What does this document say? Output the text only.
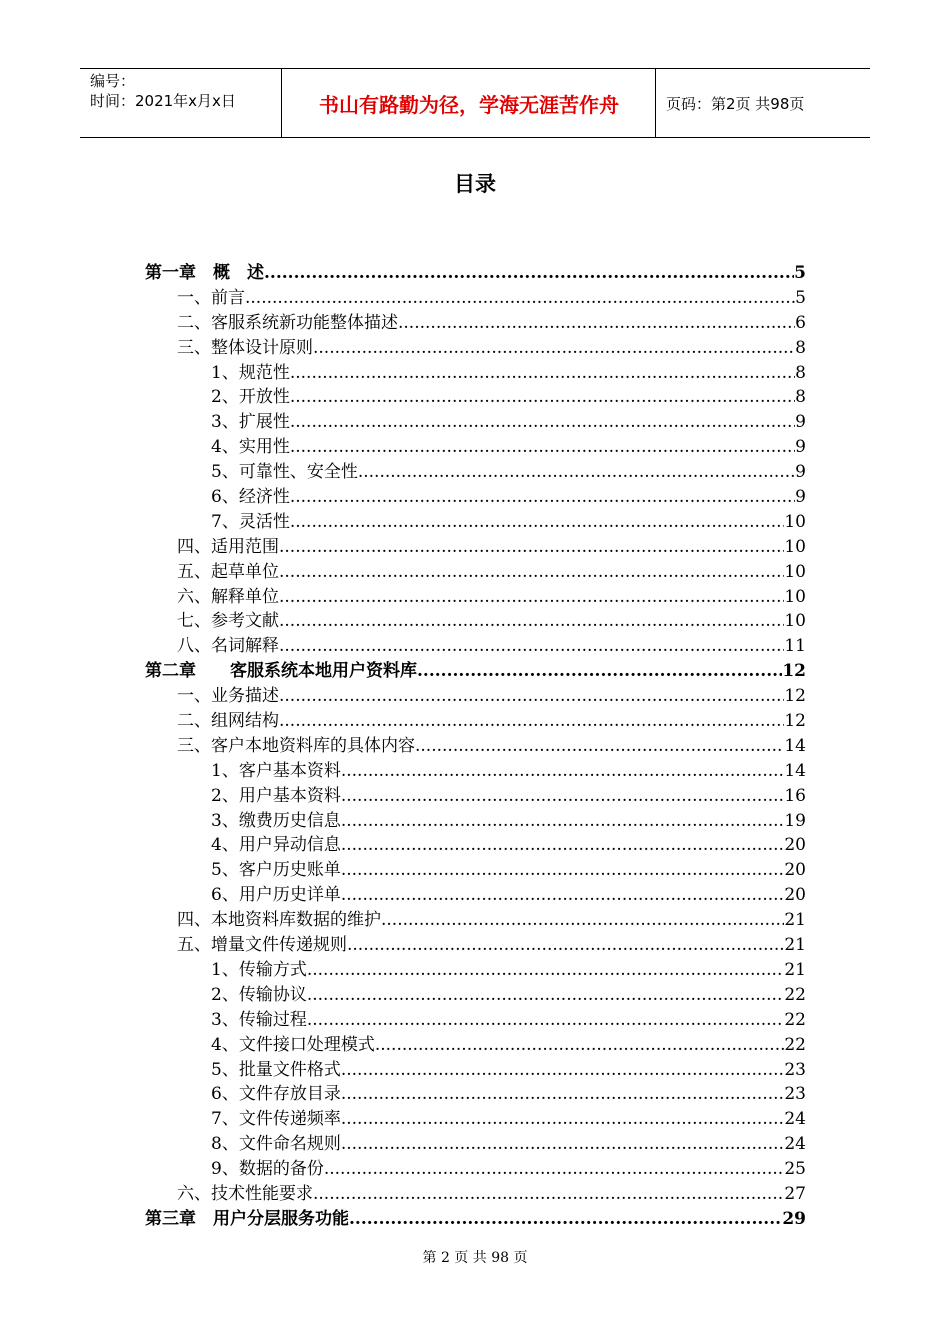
编号：
时间：2021年x月x日	书山有路勤为径，学海无涯苦作舟	页码：第2页 共98页
目录
第一章　概　述 .....	5
一、前言 .....	5
二、客服系统新功能整体描述 .....	6
三、整体设计原则 .....	8
1、规范性 .....	8
2、开放性 .....	8
3、扩展性 .....	9
4、实用性 .....	9
5、可靠性、安全性 .....	9
6、经济性 .....	9
7、灵活性 .....	10
四、适用范围 .....	10
五、起草单位 .....	10
六、解释单位 .....	10
七、参考文献 .....	10
八、名词解释 .....	11
第二章　　客服系统本地用户资料库 .....	12
一、业务描述 .....	12
二、组网结构 .....	12
三、客户本地资料库的具体内容 .....	14
1、客户基本资料 .....	14
2、用户基本资料 .....	16
3、缴费历史信息 .....	19
4、用户异动信息 .....	20
5、客户历史账单 .....	20
6、用户历史详单 .....	20
四、本地资料库数据的维护 .....	21
五、增量文件传递规则 .....	21
1、传输方式 .....	21
2、传输协议 .....	22
3、传输过程 .....	22
4、文件接口处理模式 .....	22
5、批量文件格式 .....	23
6、文件存放目录 .....	23
7、文件传递频率 .....	24
8、文件命名规则 .....	24
9、数据的备份 .....	25
六、技术性能要求 .....	27
第三章　用户分层服务功能 .....	29
第 2 页 共 98 页
